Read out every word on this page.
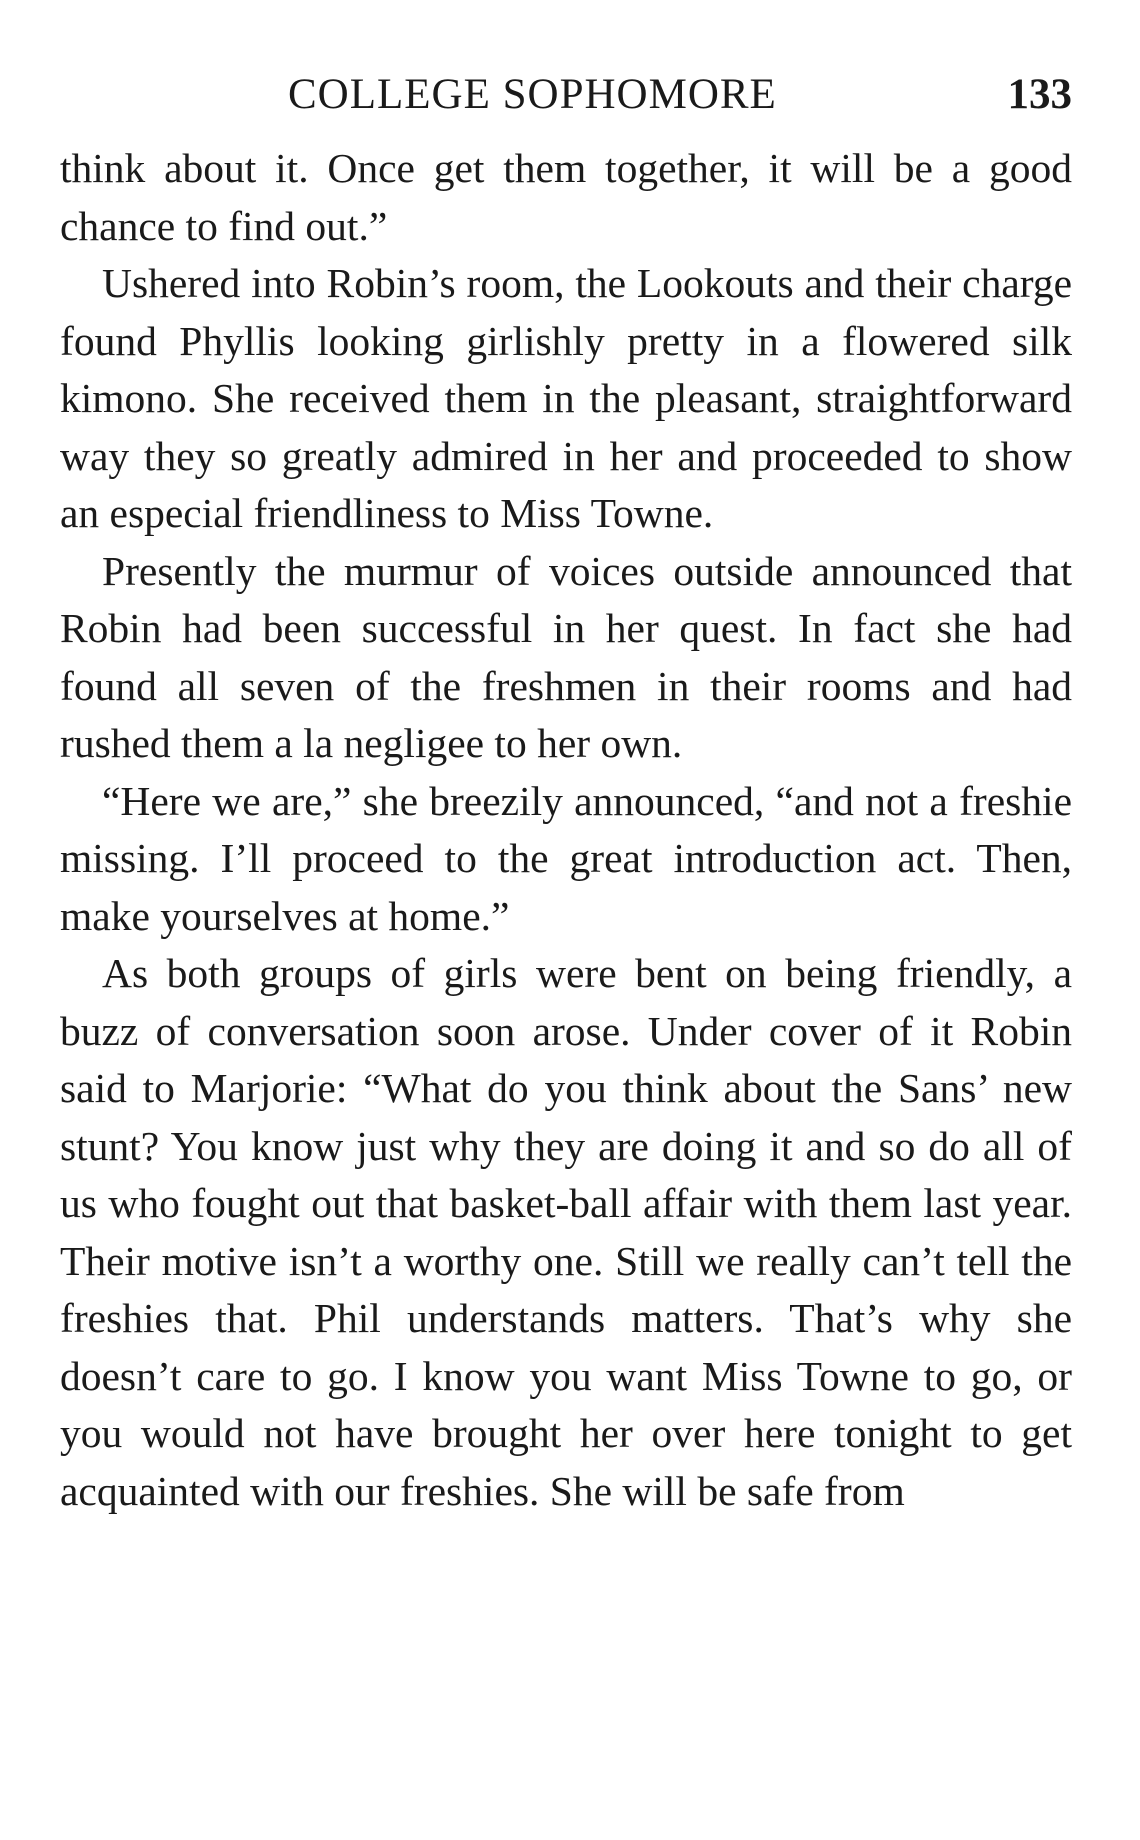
COLLEGE SOPHOMORE	133

think about it. Once get them together, it will be a good chance to find out.”

Ushered into Robin’s room, the Lookouts and their charge found Phyllis looking girlishly pretty in a flowered silk kimono. She received them in the pleasant, straightforward way they so greatly admired in her and proceeded to show an especial friendliness to Miss Towne.

Presently the murmur of voices outside announced that Robin had been successful in her quest. In fact she had found all seven of the freshmen in their rooms and had rushed them a la negligee to her own.

“Here we are,” she breezily announced, “and not a freshie missing. I’ll proceed to the great introduction act. Then, make yourselves at home.”

As both groups of girls were bent on being friendly, a buzz of conversation soon arose. Under cover of it Robin said to Marjorie: “What do you think about the Sans’ new stunt? You know just why they are doing it and so do all of us who fought out that basket-ball affair with them last year. Their motive isn’t a worthy one. Still we really can’t tell the freshies that. Phil understands matters. That’s why she doesn’t care to go. I know you want Miss Towne to go, or you would not have brought her over here tonight to get acquainted with our freshies. She will be safe from
